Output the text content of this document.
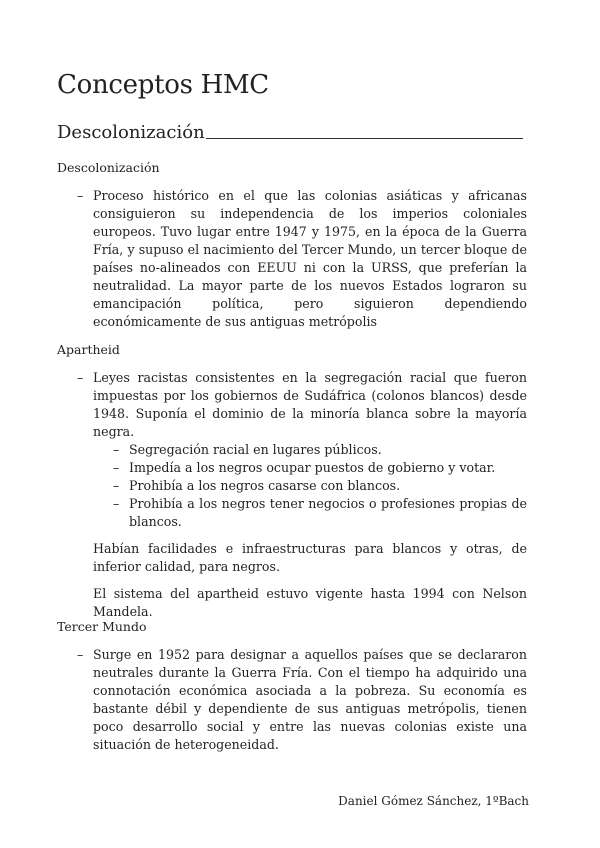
Conceptos HMC
Descolonización

Descolonización

– Proceso histórico en el que las colonias asiáticas y africanas consiguieron su independencia de los imperios coloniales europeos. Tuvo lugar entre 1947 y 1975, en la época de la Guerra Fría, y supuso el nacimiento del Tercer Mundo, un tercer bloque de países no-alineados con EEUU ni con la URSS, que preferían la neutralidad. La mayor parte de los nuevos Estados lograron su emancipación política, pero siguieron dependiendo económicamente de sus antiguas metrópolis

Apartheid

– Leyes racistas consistentes en la segregación racial que fueron impuestas por los gobiernos de Sudáfrica (colonos blancos) desde 1948. Suponía el dominio de la minoría blanca sobre la mayoría negra.
– Segregación racial en lugares públicos.
– Impedía a los negros ocupar puestos de gobierno y votar.
– Prohibía a los negros casarse con blancos.
– Prohibía a los negros tener negocios o profesiones propias de blancos.
Habían facilidades e infraestructuras para blancos y otras, de inferior calidad, para negros.
El sistema del apartheid estuvo vigente hasta 1994 con Nelson Mandela.

Tercer Mundo

– Surge en 1952 para designar a aquellos países que se declararon neutrales durante la Guerra Fría. Con el tiempo ha adquirido una connotación económica asociada a la pobreza. Su economía es bastante débil y dependiente de sus antiguas metrópolis, tienen poco desarrollo social y entre las nuevas colonias existe una situación de heterogeneidad.
Daniel Gómez Sánchez, 1ºBach
